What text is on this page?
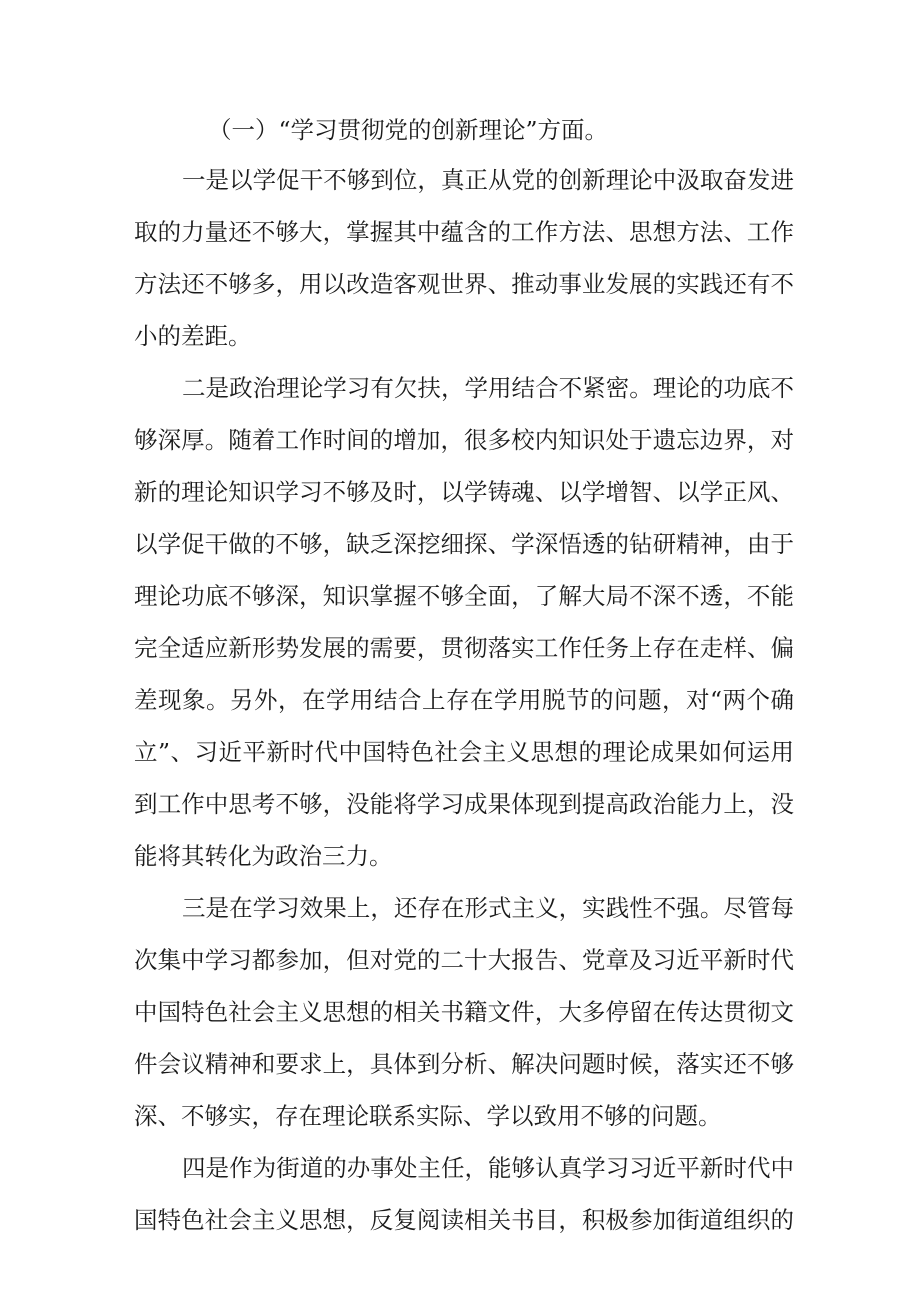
（一）“学习贯彻党的创新理论”方面。

一是以学促干不够到位，真正从党的创新理论中汲取奋发进

取的力量还不够大，掌握其中蕴含的工作方法、思想方法、工作

方法还不够多，用以改造客观世界、推动事业发展的实践还有不

小的差距。

二是政治理论学习有欠扶，学用结合不紧密。理论的功底不

够深厚。随着工作时间的增加，很多校内知识处于遗忘边界，对

新的理论知识学习不够及时，以学铸魂、以学增智、以学正风、

以学促干做的不够，缺乏深挖细探、学深悟透的钻研精神，由于

理论功底不够深，知识掌握不够全面，了解大局不深不透，不能

完全适应新形势发展的需要，贯彻落实工作任务上存在走样、偏

差现象。另外，在学用结合上存在学用脱节的问题，对“两个确

立”、习近平新时代中国特色社会主义思想的理论成果如何运用

到工作中思考不够，没能将学习成果体现到提高政治能力上，没

能将其转化为政治三力。

三是在学习效果上，还存在形式主义，实践性不强。尽管每

次集中学习都参加，但对党的二十大报告、党章及习近平新时代

中国特色社会主义思想的相关书籍文件，大多停留在传达贯彻文

件会议精神和要求上，具体到分析、解决问题时候，落实还不够

深、不够实，存在理论联系实际、学以致用不够的问题。

四是作为街道的办事处主任，能够认真学习习近平新时代中

国特色社会主义思想，反复阅读相关书目，积极参加街道组织的
